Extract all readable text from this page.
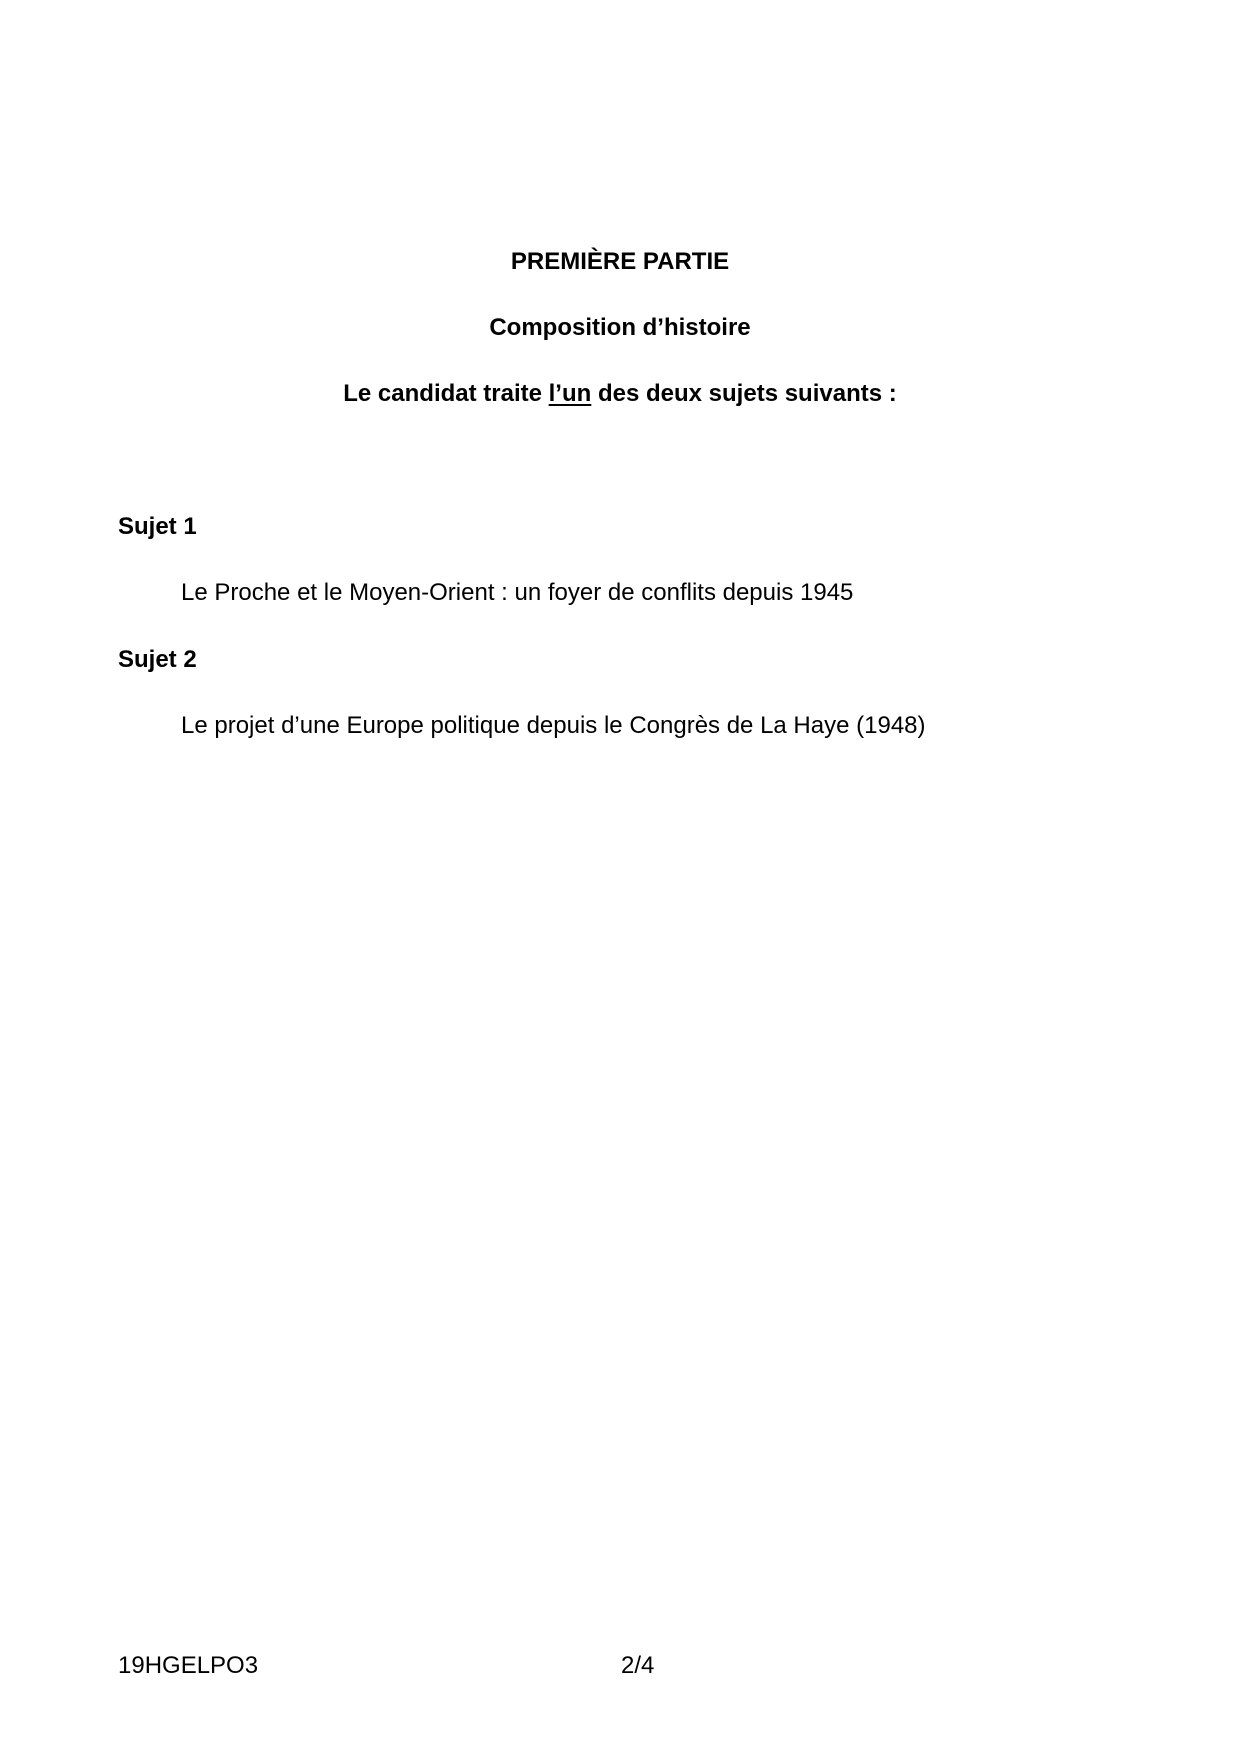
PREMIÈRE PARTIE
Composition d’histoire
Le candidat traite l’un des deux sujets suivants :
Sujet 1
Le Proche et le Moyen-Orient : un foyer de conflits depuis 1945
Sujet 2
Le projet d’une Europe politique depuis le Congrès de La Haye (1948)
19HGELPO3	2/4
